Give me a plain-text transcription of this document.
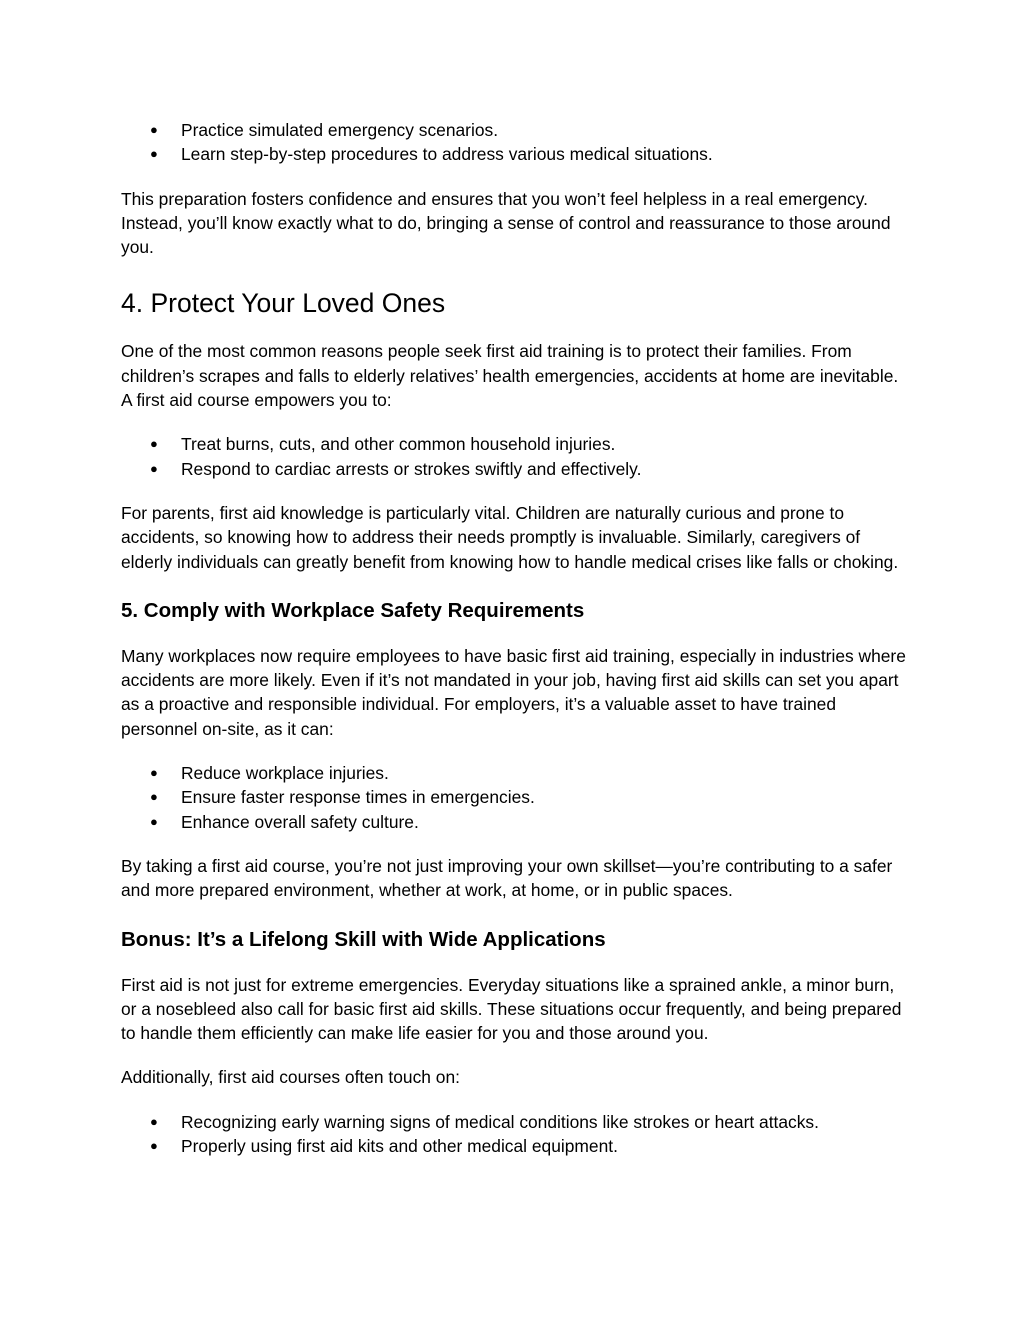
● Practice simulated emergency scenarios.
● Learn step-by-step procedures to address various medical situations.

This preparation fosters confidence and ensures that you won’t feel helpless in a real emergency. Instead, you’ll know exactly what to do, bringing a sense of control and reassurance to those around you.

4. Protect Your Loved Ones

One of the most common reasons people seek first aid training is to protect their families. From children’s scrapes and falls to elderly relatives’ health emergencies, accidents at home are inevitable. A first aid course empowers you to:

● Treat burns, cuts, and other common household injuries.
● Respond to cardiac arrests or strokes swiftly and effectively.

For parents, first aid knowledge is particularly vital. Children are naturally curious and prone to accidents, so knowing how to address their needs promptly is invaluable. Similarly, caregivers of elderly individuals can greatly benefit from knowing how to handle medical crises like falls or choking.

5. Comply with Workplace Safety Requirements

Many workplaces now require employees to have basic first aid training, especially in industries where accidents are more likely. Even if it’s not mandated in your job, having first aid skills can set you apart as a proactive and responsible individual. For employers, it’s a valuable asset to have trained personnel on-site, as it can:

● Reduce workplace injuries.
● Ensure faster response times in emergencies.
● Enhance overall safety culture.

By taking a first aid course, you’re not just improving your own skillset—you’re contributing to a safer and more prepared environment, whether at work, at home, or in public spaces.

Bonus: It’s a Lifelong Skill with Wide Applications

First aid is not just for extreme emergencies. Everyday situations like a sprained ankle, a minor burn, or a nosebleed also call for basic first aid skills. These situations occur frequently, and being prepared to handle them efficiently can make life easier for you and those around you.

Additionally, first aid courses often touch on:

● Recognizing early warning signs of medical conditions like strokes or heart attacks.
● Properly using first aid kits and other medical equipment.
